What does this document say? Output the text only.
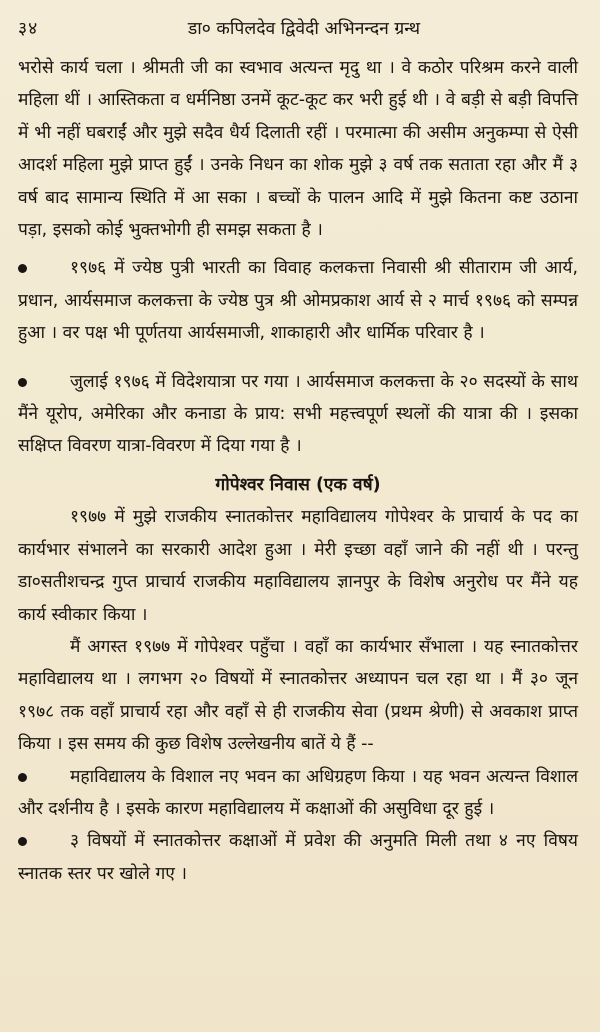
३४	डा० कपिलदेव द्विवेदी अभिनन्दन ग्रन्थ

भरोसे कार्य चला । श्रीमती जी का स्वभाव अत्यन्त मृदु था । वे कठोर परिश्रम करने वाली महिला थीं । आस्तिकता व धर्मनिष्ठा उनमें कूट-कूट कर भरी हुई थी । वे बड़ी से बड़ी विपत्ति में भी नहीं घबराईं और मुझे सदैव धैर्य दिलाती रहीं । परमात्मा की असीम अनुकम्पा से ऐसी आदर्श महिला मुझे प्राप्त हुईं । उनके निधन का शोक मुझे ३ वर्ष तक सताता रहा और मैं ३ वर्ष बाद सामान्य स्थिति में आ सका । बच्चों के पालन आदि में मुझे कितना कष्ट उठाना पड़ा, इसको कोई भुक्तभोगी ही समझ सकता है ।

१९७६ में ज्येष्ठ पुत्री भारती का विवाह कलकत्ता निवासी श्री सीताराम जी आर्य, प्रधान, आर्यसमाज कलकत्ता के ज्येष्ठ पुत्र श्री ओमप्रकाश आर्य से २ मार्च १९७६ को सम्पन्न हुआ । वर पक्ष भी पूर्णतया आर्यसमाजी, शाकाहारी और धार्मिक परिवार है ।

जुलाई १९७६ में विदेशयात्रा पर गया । आर्यसमाज कलकत्ता के २० सदस्यों के साथ मैंने यूरोप, अमेरिका और कनाडा के प्राय: सभी महत्त्वपूर्ण स्थलों की यात्रा की । इसका सक्षिप्त विवरण यात्रा-विवरण में दिया गया है ।

गोपेश्वर निवास (एक वर्ष)

१९७७ में मुझे राजकीय स्नातकोत्तर महाविद्यालय गोपेश्वर के प्राचार्य के पद का कार्यभार संभालने का सरकारी आदेश हुआ । मेरी इच्छा वहाँ जाने की नहीं थी । परन्तु डा०सतीशचन्द्र गुप्त प्राचार्य राजकीय महाविद्यालय ज्ञानपुर के विशेष अनुरोध पर मैंने यह कार्य स्वीकार किया ।

मैं अगस्त १९७७ में गोपेश्वर पहुँचा । वहाँ का कार्यभार सँभाला । यह स्नातकोत्तर महाविद्यालय था । लगभग २० विषयों में स्नातकोत्तर अध्यापन चल रहा था । मैं ३० जून १९७८ तक वहाँ प्राचार्य रहा और वहाँ से ही राजकीय सेवा (प्रथम श्रेणी) से अवकाश प्राप्त किया । इस समय की कुछ विशेष उल्लेखनीय बातें ये हैं --

महाविद्यालय के विशाल नए भवन का अधिग्रहण किया । यह भवन अत्यन्त विशाल और दर्शनीय है । इसके कारण महाविद्यालय में कक्षाओं की असुविधा दूर हुई ।

३ विषयों में स्नातकोत्तर कक्षाओं में प्रवेश की अनुमति मिली तथा ४ नए विषय स्नातक स्तर पर खोले गए ।
